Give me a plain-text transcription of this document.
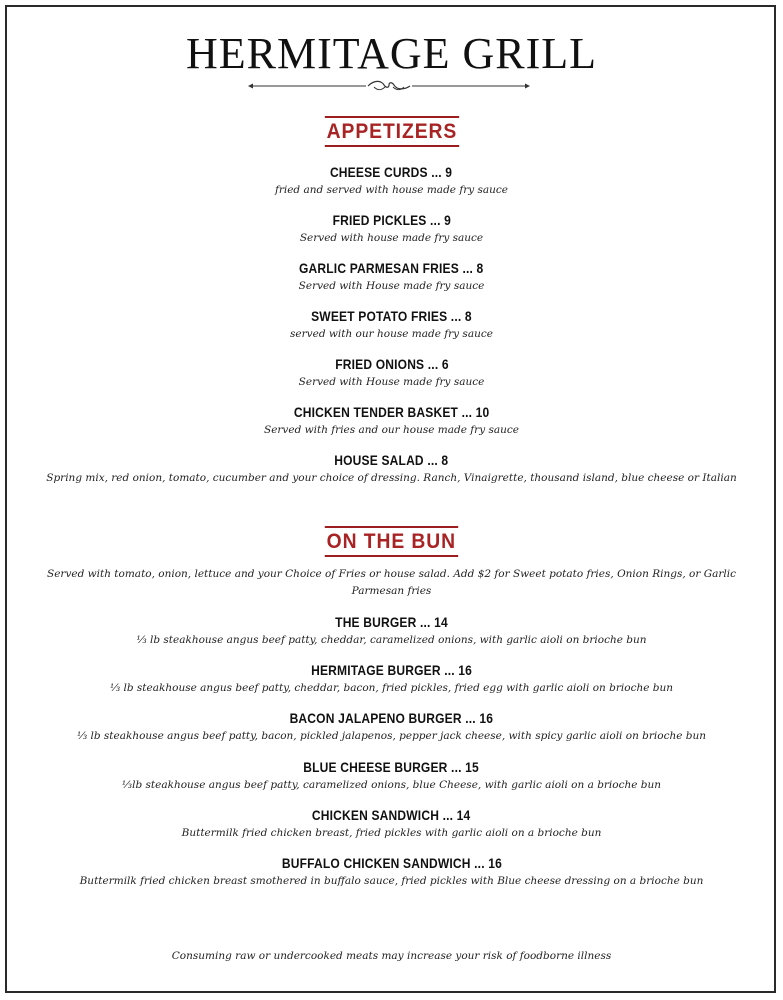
HERMITAGE GRILL
APPETIZERS
CHEESE CURDS ... 9
fried and served with house made fry sauce
FRIED PICKLES ... 9
Served with house made fry sauce
GARLIC PARMESAN FRIES ... 8
Served with House made fry sauce
SWEET POTATO FRIES ... 8
served with our house made fry sauce
FRIED ONIONS ... 6
Served with House made fry sauce
CHICKEN TENDER BASKET ... 10
Served with fries and our house made fry sauce
HOUSE SALAD ... 8
Spring mix, red onion, tomato, cucumber and your choice of dressing. Ranch, Vinaigrette, thousand island, blue cheese or Italian
ON THE BUN
Served with tomato, onion, lettuce and your Choice of Fries or house salad. Add $2 for Sweet potato fries, Onion Rings, or Garlic Parmesan fries
THE BURGER ... 14
⅓ lb steakhouse angus beef patty, cheddar, caramelized onions, with garlic aioli on brioche bun
HERMITAGE BURGER ... 16
⅓ lb steakhouse angus beef patty, cheddar, bacon, fried pickles, fried egg with garlic aioli on brioche bun
BACON JALAPENO BURGER ... 16
⅓ lb steakhouse angus beef patty, bacon, pickled jalapenos, pepper jack cheese, with spicy garlic aioli on brioche bun
BLUE CHEESE BURGER ... 15
⅓lb steakhouse angus beef patty, caramelized onions, blue Cheese, with garlic aioli on a brioche bun
CHICKEN SANDWICH ... 14
Buttermilk fried chicken breast, fried pickles with garlic aioli on a brioche bun
BUFFALO CHICKEN SANDWICH ... 16
Buttermilk fried chicken breast smothered in buffalo sauce, fried pickles with Blue cheese dressing on a brioche bun
Consuming raw or undercooked meats may increase your risk of foodborne illness
